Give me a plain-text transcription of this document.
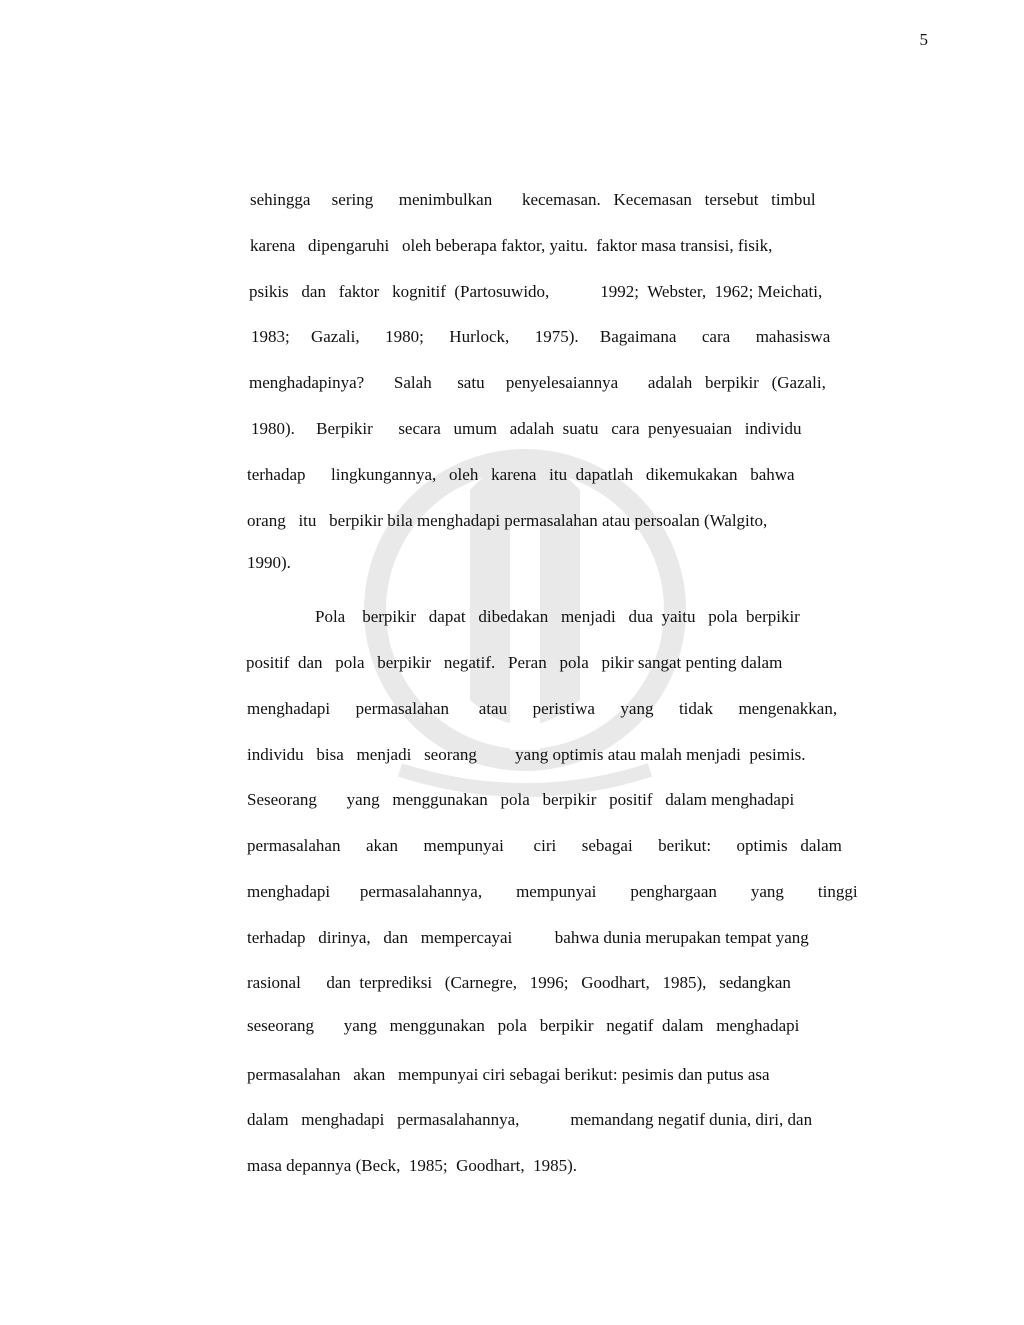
5
sehingga     sering      menimbulkan       kecemasan.   Kecemasan   tersebut   timbul
karena   dipengaruhi   oleh beberapa faktor, yaitu.  faktor masa transisi, fisik,
psikis   dan   faktor   kognitif  (Partosuwido,            1992;  Webster,  1962; Meichati,
1983;     Gazali,      1980;      Hurlock,      1975).     Bagaimana      cara      mahasiswa
menghadapinya?       Salah      satu     penyelesaiannya       adalah   berpikir   (Gazali,
1980).     Berpikir      secara   umum   adalah  suatu   cara  penyesuaian   individu
terhadap      lingkungannya,   oleh   karena   itu  dapatlah   dikemukakan   bahwa
orang   itu   berpikir bila menghadapi permasalahan atau persoalan (Walgito,
1990).
Pola    berpikir   dapat   dibedakan   menjadi   dua  yaitu   pola  berpikir
positif  dan   pola   berpikir   negatif.   Peran   pola   pikir sangat penting dalam
menghadapi      permasalahan       atau      peristiwa      yang      tidak      mengenakkan,
individu   bisa   menjadi   seorang         yang optimis atau malah menjadi  pesimis.
Seseorang       yang   menggunakan   pola   berpikir   positif   dalam menghadapi
permasalahan      akan      mempunyai       ciri      sebagai      berikut:      optimis   dalam
menghadapi       permasalahannya,        mempunyai        penghargaan        yang        tinggi
terhadap   dirinya,   dan   mempercayai          bahwa dunia merupakan tempat yang
rasional      dan  terprediksi   (Carnegre,   1996;   Goodhart,   1985),   sedangkan
seseorang       yang   menggunakan   pola   berpikir   negatif  dalam   menghadapi
permasalahan   akan   mempunyai ciri sebagai berikut: pesimis dan putus asa
dalam   menghadapi   permasalahannya,            memandang negatif dunia, diri, dan
masa depannya (Beck,  1985;  Goodhart,  1985).
